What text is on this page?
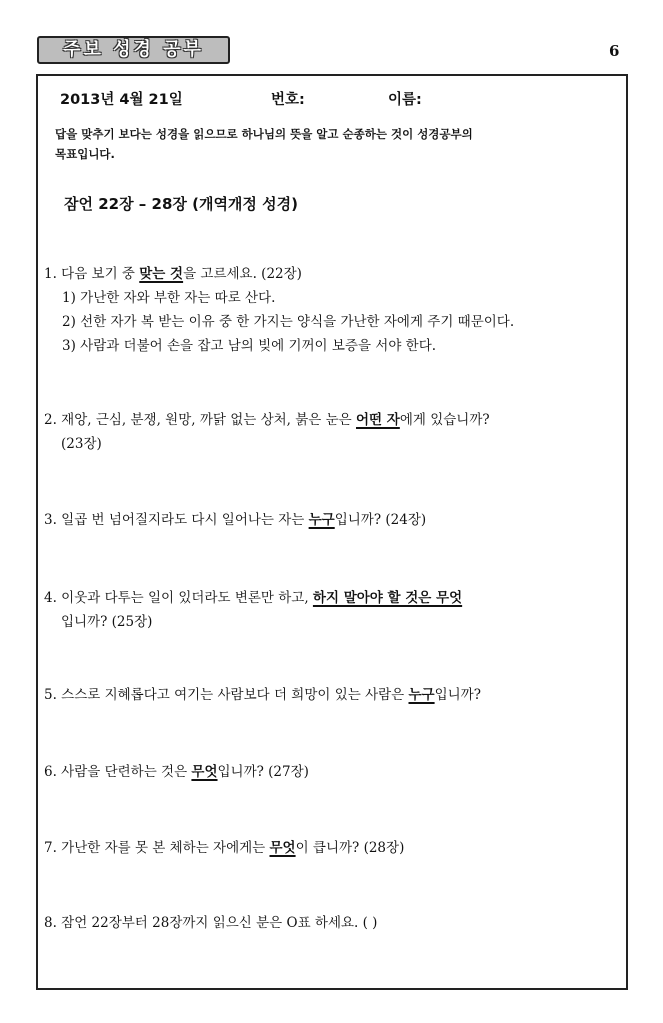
주보 성경 공부	6
2013년 4월 21일	번호:	이름:
답을 맞추기 보다는 성경을 읽으므로 하나님의 뜻을 알고 순종하는 것이 성경공부의
목표입니다.
잠언 22장 – 28장 (개역개정 성경)
1. 다음 보기 중 맞는 것을 고르세요. (22장)
1) 가난한 자와 부한 자는 따로 산다.
2) 선한 자가 복 받는 이유 중 한 가지는 양식을 가난한 자에게 주기 때문이다.
3) 사람과 더불어 손을 잡고 남의 빚에 기꺼이 보증을 서야 한다.
2. 재앙, 근심, 분쟁, 원망, 까닭 없는 상처, 붉은 눈은 어떤 자에게 있습니까?
(23장)
3. 일곱 번 넘어질지라도 다시 일어나는 자는 누구입니까? (24장)
4. 이웃과 다투는 일이 있더라도 변론만 하고, 하지 말아야 할 것은 무엇
입니까? (25장)
5. 스스로 지혜롭다고 여기는 사람보다 더 희망이 있는 사람은 누구입니까?
6. 사람을 단련하는 것은 무엇입니까? (27장)
7. 가난한 자를 못 본 체하는 자에게는 무엇이 큽니까? (28장)
8. 잠언 22장부터 28장까지 읽으신 분은 O표 하세요. ( )
